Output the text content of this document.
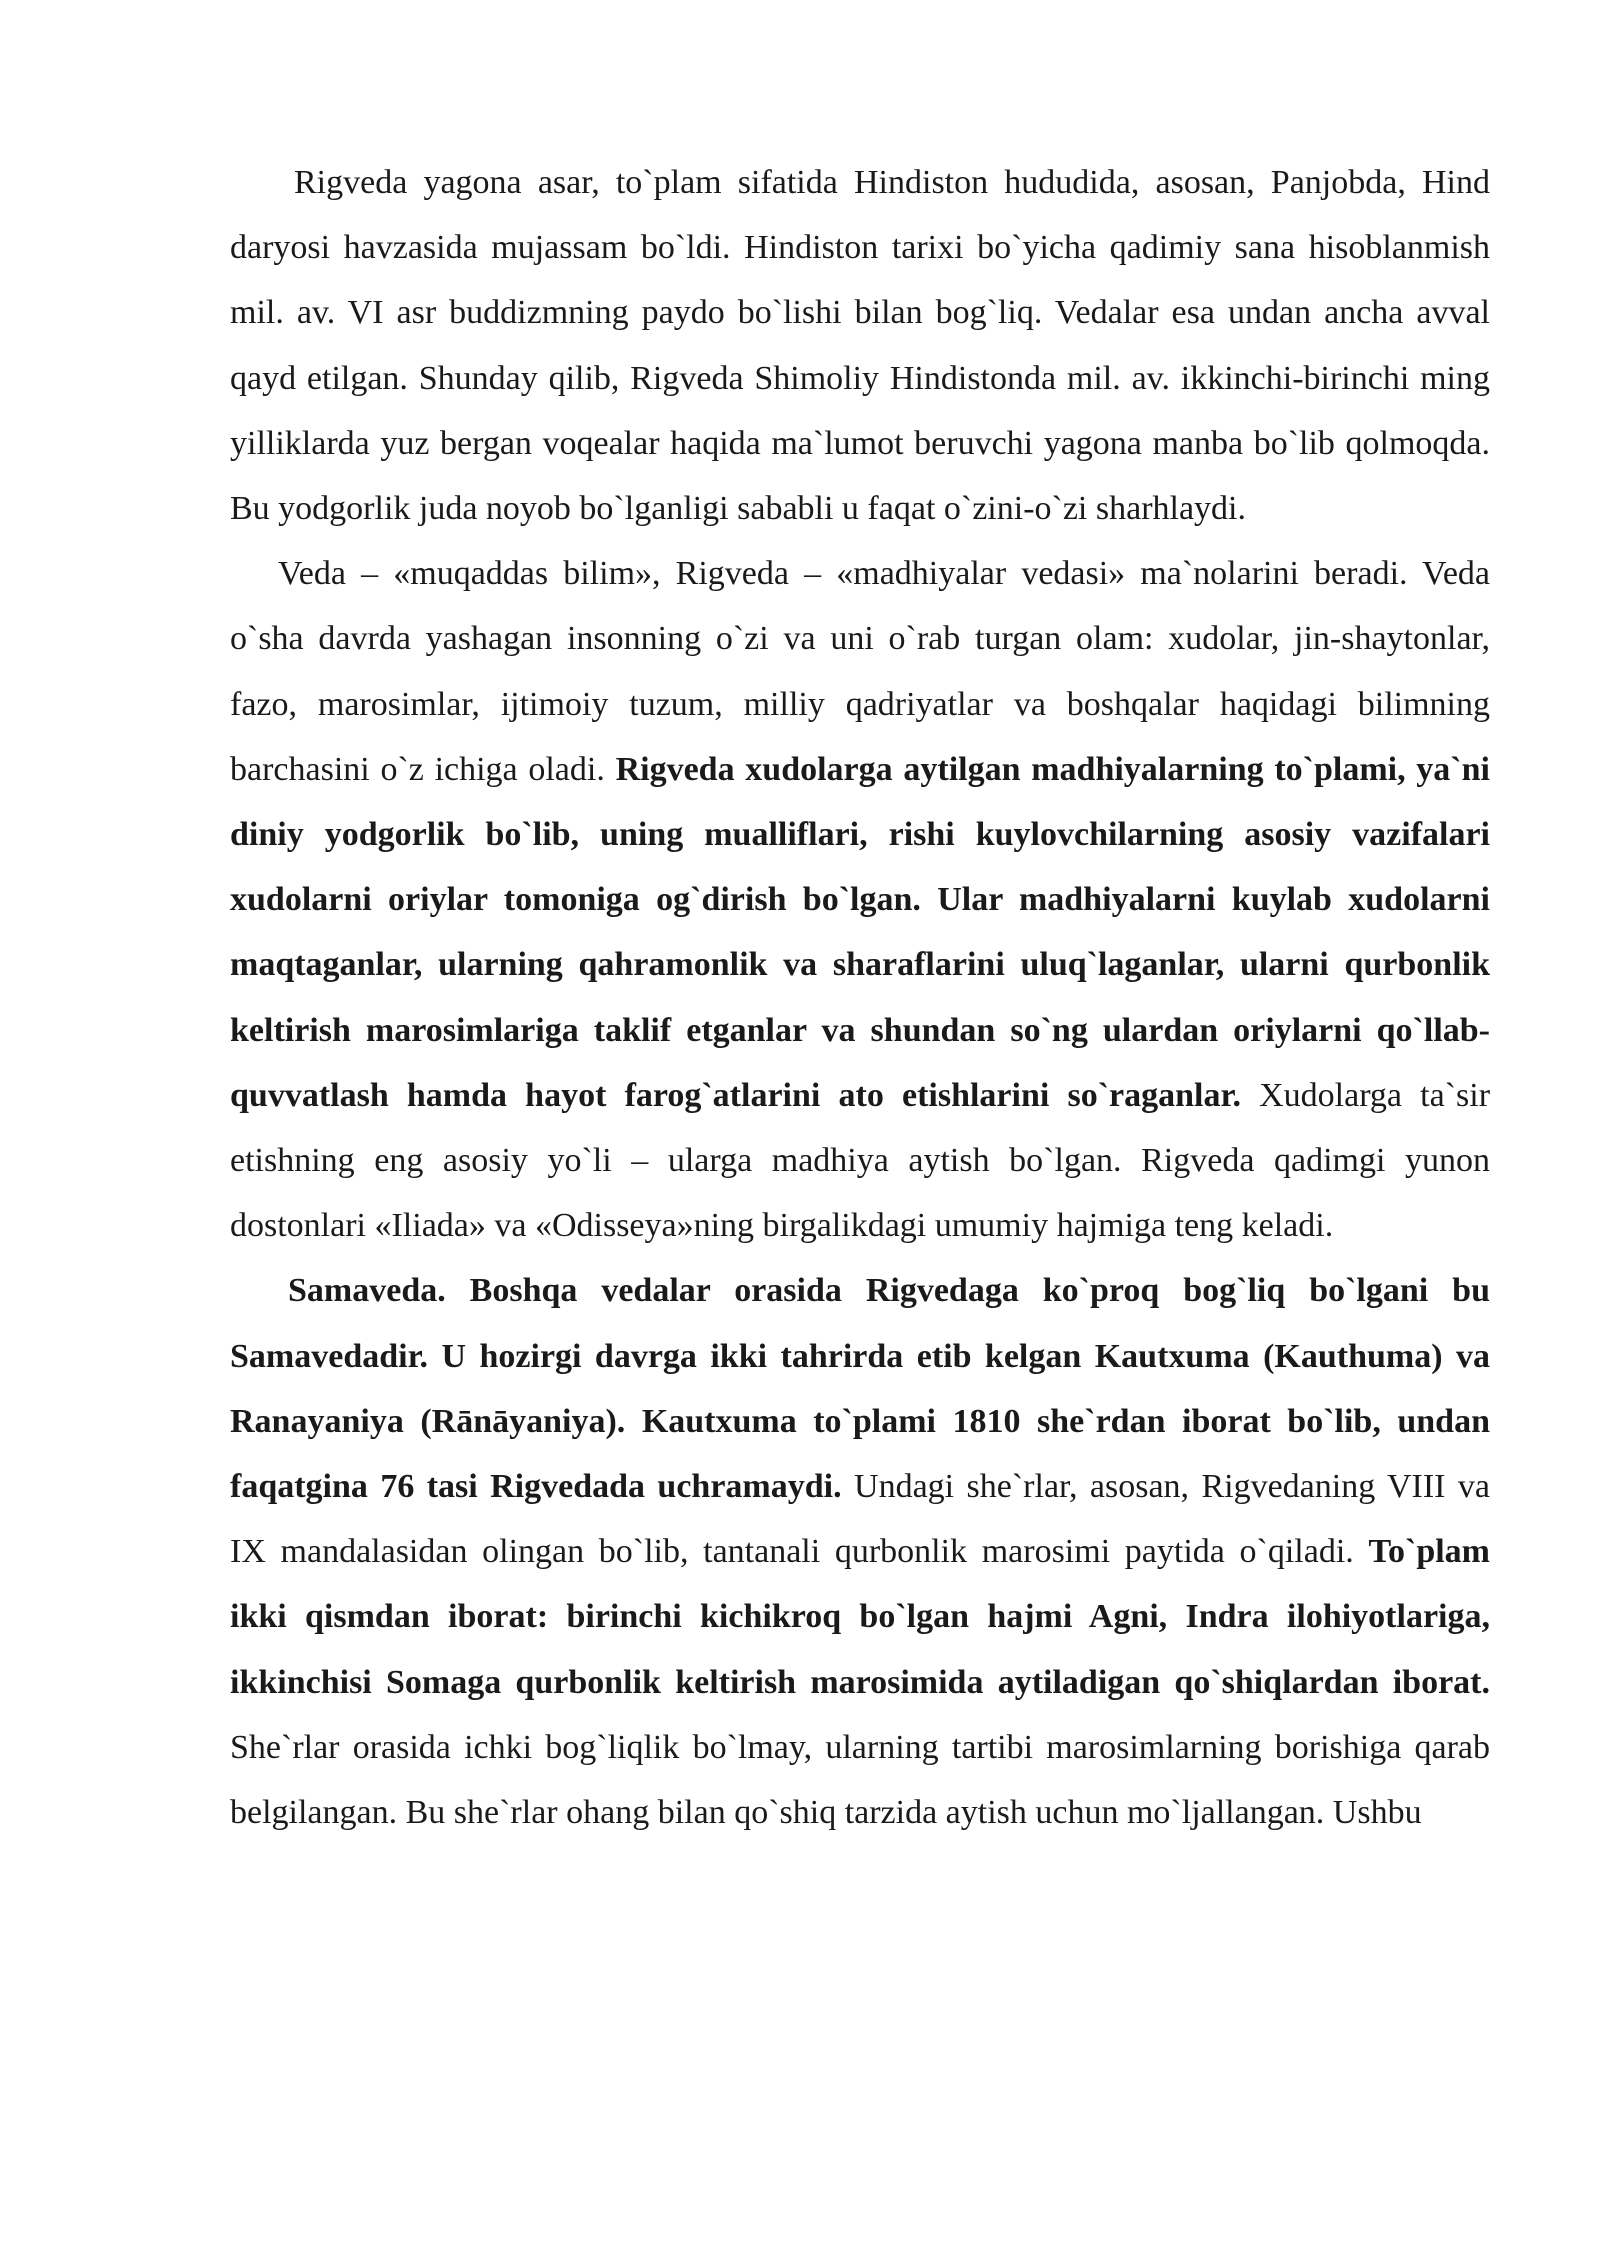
Rigveda yagona asar, to`plam sifatida Hindiston hududida, asosan, Panjobda, Hind daryosi havzasida mujassam bo`ldi. Hindiston tarixi bo`yicha qadimiy sana hisoblanmish mil. av. VI asr buddizmning paydo bo`lishi bilan bog`liq. Vedalar esa undan ancha avval qayd etilgan. Shunday qilib, Rigveda Shimoliy Hindistonda mil. av. ikkinchi-birinchi ming yilliklarda yuz bergan voqealar haqida ma`lumot beruvchi yagona manba bo`lib qolmoqda. Bu yodgorlik juda noyob bo`lganligi sababli u faqat o`zini-o`zi sharhlaydi.

Veda – «muqaddas bilim», Rigveda – «madhiyalar vedasi» ma`nolarini beradi. Veda o`sha davrda yashagan insonning o`zi va uni o`rab turgan olam: xudolar, jin-shaytonlar, fazo, marosimlar, ijtimoiy tuzum, milliy qadriyatlar va boshqalar haqidagi bilimning barchasini o`z ichiga oladi. Rigveda xudolarga aytilgan madhiyalarning to`plami, ya`ni diniy yodgorlik bo`lib, uning mualliflari, rishi kuylovchilarning asosiy vazifalari xudolarni oriylar tomoniga og`dirish bo`lgan. Ular madhiyalarni kuylab xudolarni maqtaganlar, ularning qahramonlik va sharaflarini uluq`laganlar, ularni qurbonlik keltirish marosimlariga taklif etganlar va shundan so`ng ulardan oriylarni qo`llab-quvvatlash hamda hayot farog`atlarini ato etishlarini so`raganlar. Xudolarga ta`sir etishning eng asosiy yo`li – ularga madhiya aytish bo`lgan. Rigveda qadimgi yunon dostonlari «Iliada» va «Odisseya»ning birgalikdagi umumiy hajmiga teng keladi.

Samaveda. Boshqa vedalar orasida Rigvedaga ko`proq bog`liq bo`lgani bu Samavedadir. U hozirgi davrga ikki tahrirda etib kelgan Kautxuma (Kauthuma) va Ranayaniya (Rānāyaniya). Kautxuma to`plami 1810 she`rdan iborat bo`lib, undan faqatgina 76 tasi Rigvedada uchramaydi. Undagi she`rlar, asosan, Rigvedaning VIII va IX mandalasidan olingan bo`lib, tantanali qurbonlik marosimi paytida o`qiladi. To`plam ikki qismdan iborat: birinchi kichikroq bo`lgan hajmi Agni, Indra ilohiyotlariga, ikkinchisi Somaga qurbonlik keltirish marosimida aytiladigan qo`shiqlardan iborat. She`rlar orasida ichki bog`liqlik bo`lmay, ularning tartibi marosimlarning borishiga qarab belgilangan. Bu she`rlar ohang bilan qo`shiq tarzida aytish uchun mo`ljallangan. Ushbu
